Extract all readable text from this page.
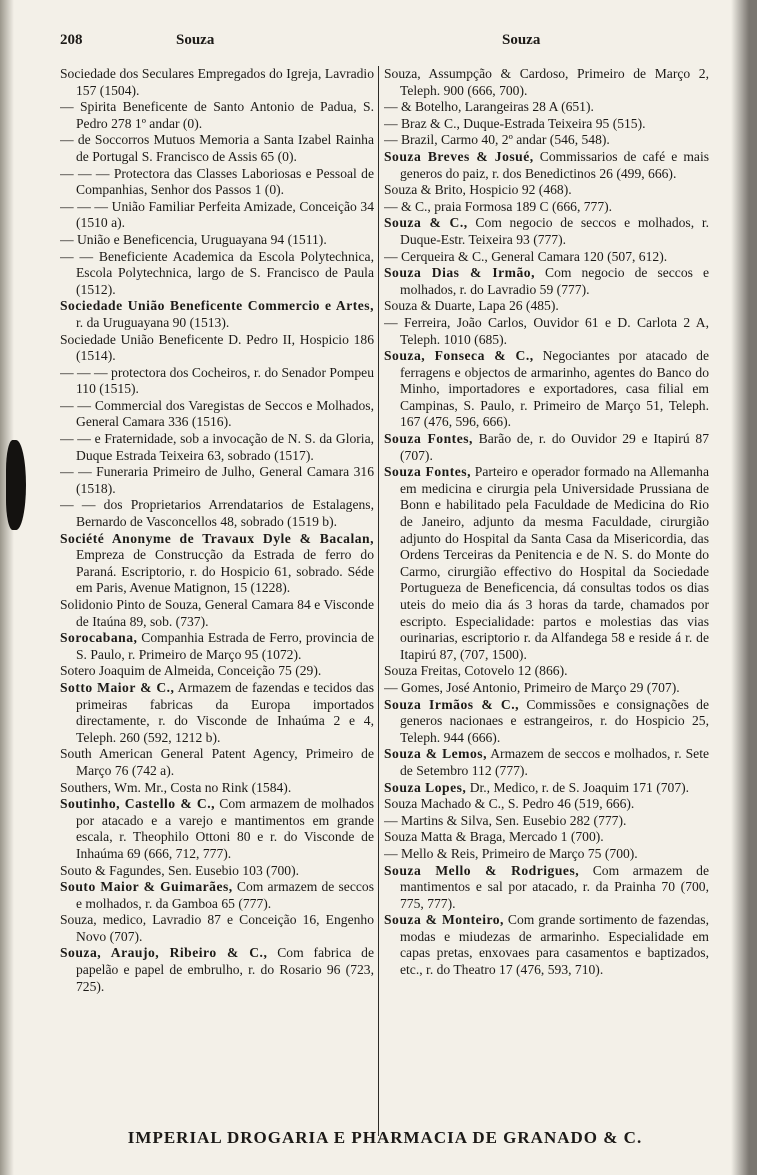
208	Souza	Souza

Sociedade dos Seculares Empregados do Igreja, Lavradio 157 (1504).

— Spirita Beneficente de Santo Antonio de Padua, S. Pedro 278 1º andar (0).

— de Soccorros Mutuos Memoria a Santa Izabel Rainha de Portugal S. Francisco de Assis 65 (0).

— — — Protectora das Classes Laboriosas e Pessoal de Companhias, Senhor dos Passos 1 (0).

— — — União Familiar Perfeita Amizade, Conceição 34 (1510 a).

— União e Beneficencia, Uruguayana 94 (1511).

— — Beneficiente Academica da Escola Polytechnica, Escola Polytechnica, largo de S. Francisco de Paula (1512).

Sociedade União Beneficente Commercio e Artes, r. da Uruguayana 90 (1513).

Sociedade União Beneficente D. Pedro II, Hospicio 186 (1514).

— — — protectora dos Cocheiros, r. do Senador Pompeu 110 (1515).

— — Commercial dos Varegistas de Seccos e Molhados, General Camara 336 (1516).

— — e Fraternidade, sob a invocação de N. S. da Gloria, Duque Estrada Teixeira 63, sobrado (1517).

— — Funeraria Primeiro de Julho, General Camara 316 (1518).

— — dos Proprietarios Arrendatarios de Estalagens, Bernardo de Vasconcellos 48, sobrado (1519 b).

Société Anonyme de Travaux Dyle & Bacalan, Empreza de Construcção da Estrada de ferro do Paraná. Escriptorio, r. do Hospicio 61, sobrado. Séde em Paris, Avenue Matignon, 15 (1228).

Solidonio Pinto de Souza, General Camara 84 e Visconde de Itaúna 89, sob. (737).

Sorocabana, Companhia Estrada de Ferro, provincia de S. Paulo, r. Primeiro de Março 95 (1072).

Sotero Joaquim de Almeida, Conceição 75 (29).

Sotto Maior & C., Armazem de fazendas e tecidos das primeiras fabricas da Europa importados directamente, r. do Visconde de Inhaúma 2 e 4, Teleph. 260 (592, 1212 b).

South American General Patent Agency, Primeiro de Março 76 (742 a).

Southers, Wm. Mr., Costa no Rink (1584).

Soutinho, Castello & C., Com armazem de molhados por atacado e a varejo e mantimentos em grande escala, r. Theophilo Ottoni 80 e r. do Visconde de Inhaúma 69 (666, 712, 777).

Souto & Fagundes, Sen. Eusebio 103 (700).

Souto Maior & Guimarães, Com armazem de seccos e molhados, r. da Gamboa 65 (777).

Souza, medico, Lavradio 87 e Conceição 16, Engenho Novo (707).

Souza, Araujo, Ribeiro & C., Com fabrica de papelão e papel de embrulho, r. do Rosario 96 (723, 725).

Souza, Assumpção & Cardoso, Primeiro de Março 2, Teleph. 900 (666, 700).

— & Botelho, Larangeiras 28 A (651).

— Braz & C., Duque-Estrada Teixeira 95 (515).

— Brazil, Carmo 40, 2º andar (546, 548).

Souza Breves & Josué, Commissarios de café e mais generos do paiz, r. dos Benedictinos 26 (499, 666).

Souza & Brito, Hospicio 92 (468).

— & C., praia Formosa 189 C (666, 777).

Souza & C., Com negocio de seccos e molhados, r. Duque-Estr. Teixeira 93 (777).

— Cerqueira & C., General Camara 120 (507, 612).

Souza Dias & Irmão, Com negocio de seccos e molhados, r. do Lavradio 59 (777).

Souza & Duarte, Lapa 26 (485).

— Ferreira, João Carlos, Ouvidor 61 e D. Carlota 2 A, Teleph. 1010 (685).

Souza, Fonseca & C., Negociantes por atacado de ferragens e objectos de armarinho, agentes do Banco do Minho, importadores e exportadores, casa filial em Campinas, S. Paulo, r. Primeiro de Março 51, Teleph. 167 (476, 596, 666).

Souza Fontes, Barão de, r. do Ouvidor 29 e Itapirú 87 (707).

Souza Fontes, Parteiro e operador formado na Allemanha em medicina e cirurgia pela Universidade Prussiana de Bonn e habilitado pela Faculdade de Medicina do Rio de Janeiro, adjunto da mesma Faculdade, cirurgião adjunto do Hospital da Santa Casa da Misericordia, das Ordens Terceiras da Penitencia e de N. S. do Monte do Carmo, cirurgião effectivo do Hospital da Sociedade Portugueza de Beneficencia, dá consultas todos os dias uteis do meio dia ás 3 horas da tarde, chamados por escripto. Especialidade: partos e molestias das vias ourinarias, escriptorio r. da Alfandega 58 e reside á r. de Itapirú 87, (707, 1500).

Souza Freitas, Cotovelo 12 (866).

— Gomes, José Antonio, Primeiro de Março 29 (707).

Souza Irmãos & C., Commissões e consignações de generos nacionaes e estrangeiros, r. do Hospicio 25, Teleph. 944 (666).

Souza & Lemos, Armazem de seccos e molhados, r. Sete de Setembro 112 (777).

Souza Lopes, Dr., Medico, r. de S. Joaquim 171 (707).

Souza Machado & C., S. Pedro 46 (519, 666).

— Martins & Silva, Sen. Eusebio 282 (777).

Souza Matta & Braga, Mercado 1 (700).

— Mello & Reis, Primeiro de Março 75 (700).

Souza Mello & Rodrigues, Com armazem de mantimentos e sal por atacado, r. da Prainha 70 (700, 775, 777).

Souza & Monteiro, Com grande sortimento de fazendas, modas e miudezas de armarinho. Especialidade em capas pretas, enxovaes para casamentos e baptizados, etc., r. do Theatro 17 (476, 593, 710).

IMPERIAL DROGARIA E PHARMACIA DE GRANADO & C.
